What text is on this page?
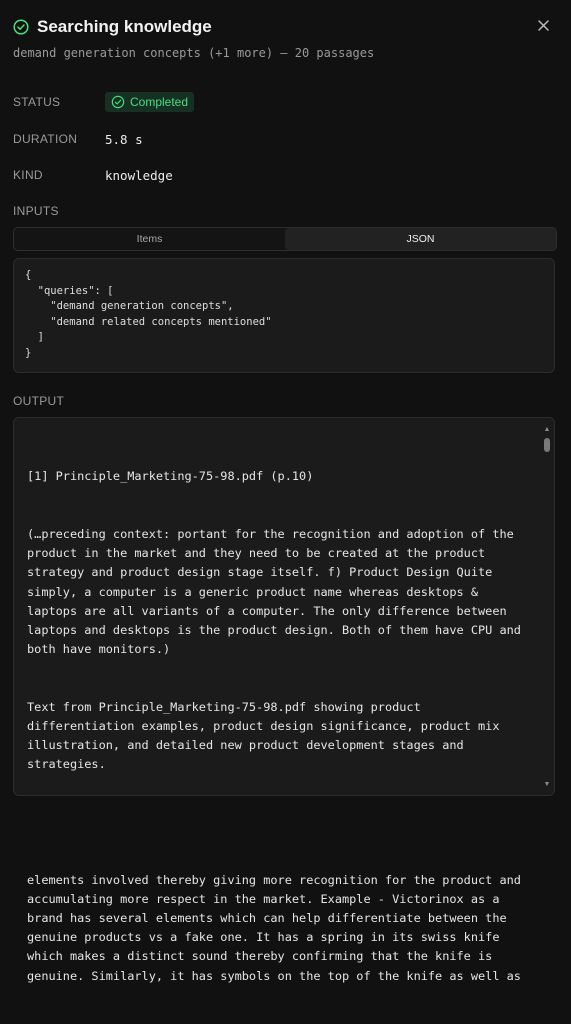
Searching knowledge
demand generation concepts (+1 more) — 20 passages
STATUS	Completed
DURATION	5.8 s
KIND	knowledge
INPUTS
Items	JSON
{
"queries": [
"demand generation concepts",
"demand related concepts mentioned"
]
}
OUTPUT

[1] Principle_Marketing-75-98.pdf (p.10)

(…preceding context: portant for the recognition and adoption of the product in the market and they need to be created at the product strategy and product design stage itself. f) Product Design Quite simply, a computer is a generic product name whereas desktops & laptops are all variants of a computer. The only difference between laptops and desktops is the product design. Both of them have CPU and both have monitors.)

Text from Principle_Marketing-75-98.pdf showing product differentiation examples, product design significance, product mix illustration, and detailed new product development stages and strategies.

elements involved thereby giving more recognition for the product and accumulating more respect in the market. Example - Victorinox as a brand has several elements which can help differentiate between the genuine products vs a fake one. It has a spring in its swiss knife which makes a distinct sound thereby confirming that the knife is genuine. Similarly, it has symbols on the top of the knife as well as

▲
▼
